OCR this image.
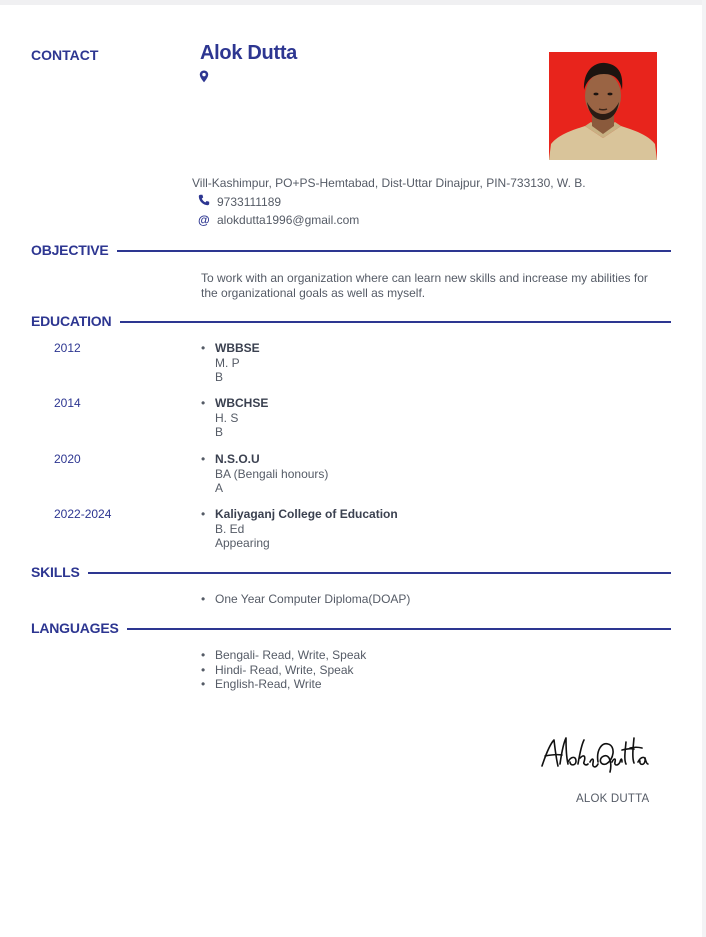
CONTACT	Alok Dutta
Vill-Kashimpur, PO+PS-Hemtabad, Dist-Uttar Dinajpur, PIN-733130, W. B.
9733111189
@ alokdutta1996@gmail.com
OBJECTIVE
To work with an organization where can learn new skills and increase my abilities for the organizational goals as well as myself.
EDUCATION
2012	• WBBSE
M. P
B
2014	• WBCHSE
H. S
B
2020	• N.S.O.U
BA (Bengali honours)
A
2022-2024	• Kaliyaganj College of Education
B. Ed
Appearing
SKILLS
• One Year Computer Diploma(DOAP)
LANGUAGES
• Bengali- Read, Write, Speak
• Hindi- Read, Write, Speak
• English-Read, Write
ALOK DUTTA
